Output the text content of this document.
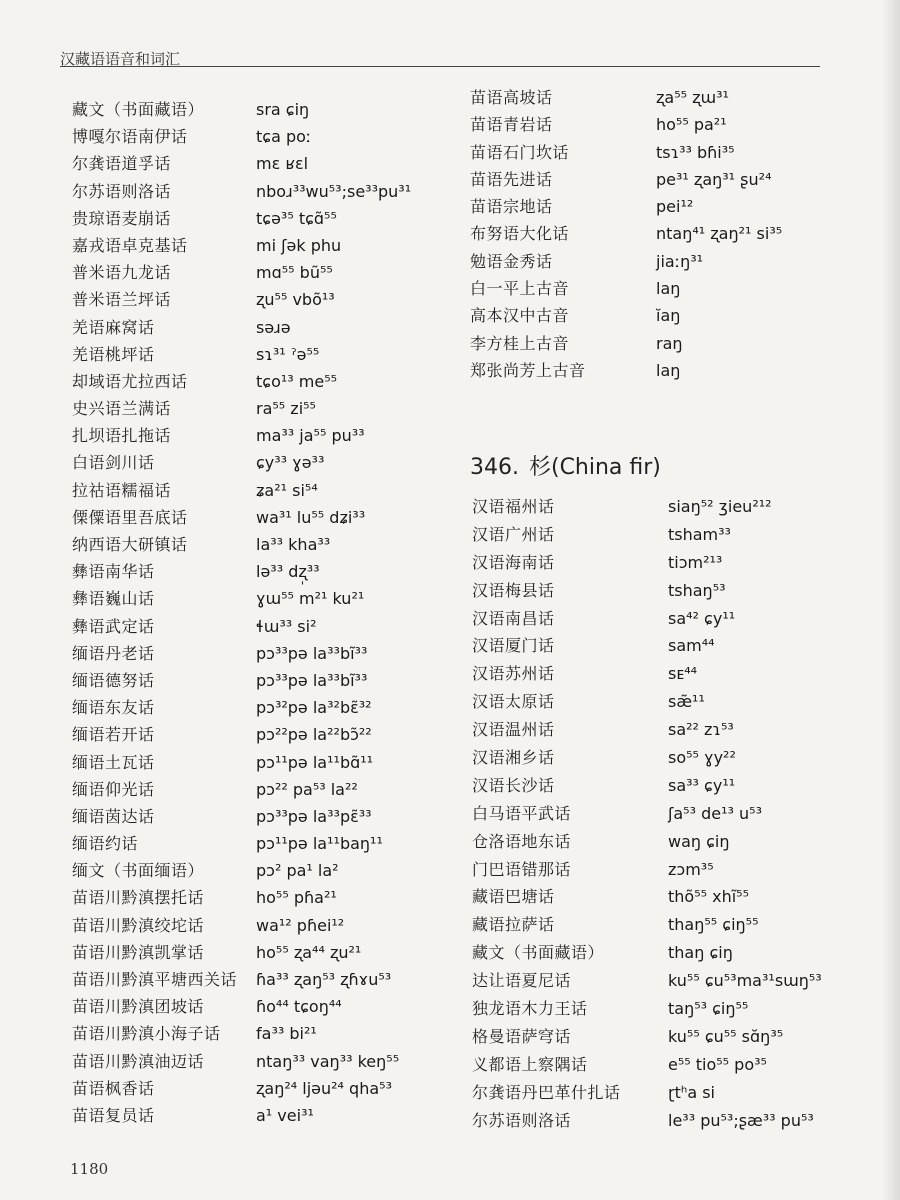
汉藏语语音和词汇
藏文（书面藏语）	sra ɕiŋ
博嘎尔语南伊话	tɕa poː
尔龚语道孚话	mɛ ʁɛl
尔苏语则洛话	nboɹ³³wu⁵³;se³³pu³¹
贵琼语麦崩话	tɕə³⁵ tɕɑ̃⁵⁵
嘉戎语卓克基话	mi ʃək phu
普米语九龙话	mɑ⁵⁵ bũ⁵⁵
普米语兰坪话	ʐu⁵⁵ vbõ¹³
羌语麻窝话	səɹə
羌语桃坪话	sɿ³¹ ˀə⁵⁵
却域语尤拉西话	tɕo¹³ me⁵⁵
史兴语兰满话	ra⁵⁵ zi⁵⁵
扎坝语扎拖话	ma³³ ja⁵⁵ pu³³
白语剑川话	ɕy³³ ɣə³³
拉祜语糯福话	ʑa²¹ si⁵⁴
傈僳语里吾底话	wa³¹ lu⁵⁵ dʑi³³
纳西语大研镇话	la³³ kha³³
彝语南华话	lə³³ dʐ̩³³
彝语巍山话	ɣɯ⁵⁵ m²¹ ku²¹
彝语武定话	ɬɯ³³ si²
缅语丹老话	pɔ³³pə la³³bĩ³³
缅语德努话	pɔ³³pə la³³bĩ³³
缅语东友话	pɔ³²pə la³²bɛ̃³²
缅语若开话	pɔ²²pə la²²bɔ̃²²
缅语土瓦话	pɔ¹¹pə la¹¹bɑ̃¹¹
缅语仰光话	pɔ²² pa⁵³ la²²
缅语茵达话	pɔ³³pə la³³pɛ̃³³
缅语约话	pɔ¹¹pə la¹¹baŋ¹¹
缅文（书面缅语）	pɔ² pa¹ la²
苗语川黔滇摆托话	ho⁵⁵ pɦa²¹
苗语川黔滇绞坨话	wa¹² pɦei¹²
苗语川黔滇凯掌话	ho⁵⁵ ʐa⁴⁴ ʐu²¹
苗语川黔滇平塘西关话	ɦa³³ ʐaŋ⁵³ ʐɦɤu⁵³
苗语川黔滇团坡话	ɦo⁴⁴ tɕoŋ⁴⁴
苗语川黔滇小海子话	fa³³ bi²¹
苗语川黔滇油迈话	ntaŋ³³ vaŋ³³ keŋ⁵⁵
苗语枫香话	ʐaŋ²⁴ ljəu²⁴ qha⁵³
苗语复员话	a¹ vei³¹
苗语高坡话	ʐa⁵⁵ ʐɯ³¹
苗语青岩话	ho⁵⁵ pa²¹
苗语石门坎话	tsɿ³³ bɦi³⁵
苗语先进话	pe³¹ ʐaŋ³¹ ʂu²⁴
苗语宗地话	pei¹²
布努语大化话	ntaŋ⁴¹ ʐaŋ²¹ si³⁵
勉语金秀话	jiaːŋ³¹
白一平上古音	laŋ
高本汉中古音	ĭaŋ
李方桂上古音	raŋ
郑张尚芳上古音	laŋ
346. 杉(China fir)
汉语福州话	siaŋ⁵² ʒieu²¹²
汉语广州话	tsham³³
汉语海南话	tiɔm²¹³
汉语梅县话	tshaŋ⁵³
汉语南昌话	sa⁴² ɕy¹¹
汉语厦门话	sam⁴⁴
汉语苏州话	sᴇ⁴⁴
汉语太原话	sæ̃¹¹
汉语温州话	sa²² zɿ⁵³
汉语湘乡话	so⁵⁵ ɣy²²
汉语长沙话	sa³³ ɕy¹¹
白马语平武话	ʃa⁵³ de¹³ u⁵³
仓洛语地东话	waŋ ɕiŋ
门巴语错那话	zɔm³⁵
藏语巴塘话	thõ⁵⁵ xhĩ⁵⁵
藏语拉萨话	thaŋ⁵⁵ ɕiŋ⁵⁵
藏文（书面藏语）	thaŋ ɕiŋ
达让语夏尼话	ku⁵⁵ ɕu⁵³ma³¹sɯŋ⁵³
独龙语木力王话	taŋ⁵³ ɕiŋ⁵⁵
格曼语萨穹话	ku⁵⁵ ɕu⁵⁵ sɑ̆ŋ³⁵
义都语上察隅话	e⁵⁵ tio⁵⁵ po³⁵
尔龚语丹巴革什扎话	ɽtʰa si
尔苏语则洛话	le³³ pu⁵³;ʂæ³³ pu⁵³
1180
